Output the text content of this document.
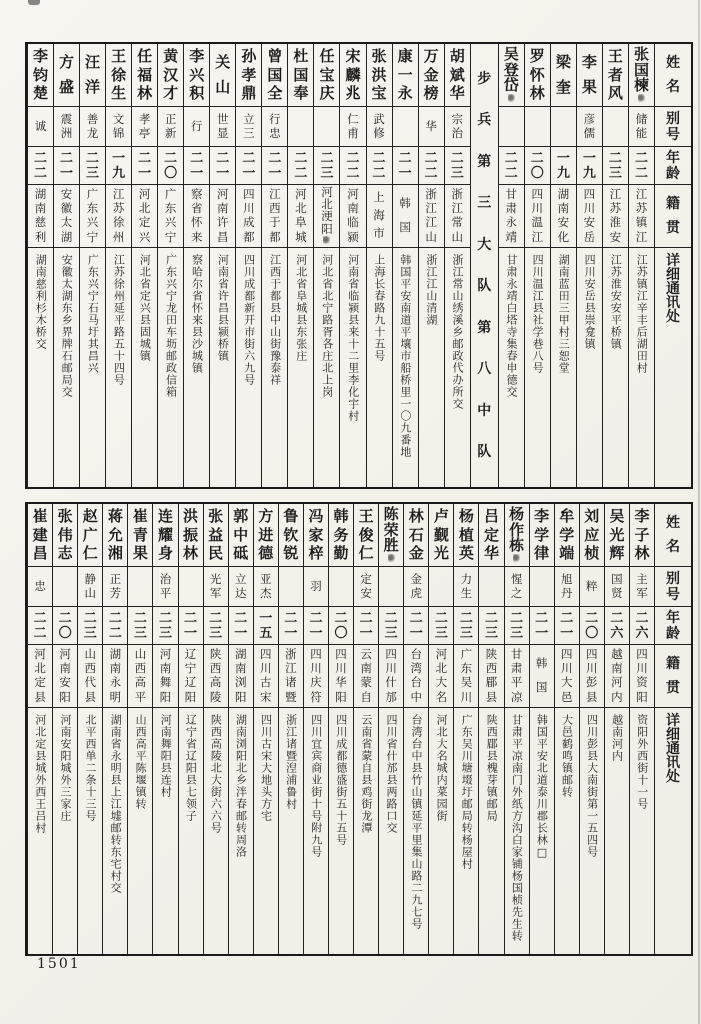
姓
名
别
号
年
龄
籍
贯
详
细
通
讯
处
张
国
楝
储
能
二
二
江
苏
镇
江
江苏镇江辛丰后湖田村
王
者
风
二
三
江
苏
淮
安
江苏淮安安平桥镇
李
果
彦
儒
一
九
四
川
安
岳
四川安岳县崇龛镇
梁
奎
一
九
湖
南
安
化
湖南蓝田三甲村三恕堂
罗
怀
林
二
〇
四
川
温
江
四川温江县社学巷八号
吴
登
岱
二
二
甘
肃
永
靖
甘肃永靖白塔寺集春申德交
步
兵
第
三
大
队
第
八
中
队
胡
斌
华
宗
治
二
三
浙
江
常
山
浙江常山绣溪乡邮政代办所交
万
金
榜
华
二
二
浙
江
江
山
浙江江山清湖
康
一
永
二
一
韩
国
韩国平安南道平壤市船桥里一〇九番地
张
洪
宝
武
修
二
二
上
海
市
上海长春路九十五号
宋
麟
兆
仁
甫
二
二
河
南
临
颍
河南省临颍县来十二里李化宇村
任
宝
庆
二
三
河
北
浭
阳
河北省北宁路胥各庄北上岗
杜
国
奉
二
二
河
北
阜
城
河北省阜城县东张庄
曾
国
全
行
忠
二
一
江
西
于
都
江西于都县中山街豫泰祥
孙
孝
鼎
立
三
二
一
四
川
成
都
四川成都新开市街六九号
关
山
世
显
二
一
河
南
许
昌
河南省许昌县颍桥镇
李
兴
积
行
二
一
察
省
怀
来
察哈尔省怀来县沙城镇
黄
汉
才
正
新
二
〇
广
东
兴
宁
广东兴宁龙田车坜邮政信箱
任
福
林
孝
亭
二
一
河
北
定
兴
河北省定兴县固城镇
王
徐
生
文
锦
一
九
江
苏
徐
州
江苏徐州延平路五十四号
汪
洋
善
龙
二
三
广
东
兴
宁
广东兴宁石马圩其昌兴
方
盛
震
洲
二
一
安
徽
太
湖
安徽太湖东乡界牌石邮局交
李
钧
楚
诚
二
二
湖
南
慈
利
湖南慈利杉木桥交
姓
名
别
号
年
龄
籍
贯
详
细
通
讯
处
李
子
林
主
军
二
六
四
川
资
阳
资阳外西街十一号
吴
光
辉
国
贤
二
六
越
南
河
内
越南河内
刘
应
桢
粹
二
〇
四
川
彭
县
四川彭县大南街第一五四号
牟
学
端
旭
丹
二
一
四
川
大
邑
大邑鹤鸣镇邮转
李
学
律
二
一
韩
国
韩国平安北道泰川郡长林□
杨
作
栋
惺
之
二
三
甘
肃
平
凉
甘肃平凉南门外纸方沟白家铺杨国桢先生转
吕
定
华
二
三
陕
西
郿
县
陕西郿县槐芽镇邮局
杨
植
英
力
生
二
三
广
东
吴
川
广东吴川塘㙍圩邮局转杨屋村
卢
觐
光
二
三
河
北
大
名
河北大名城内菜园街
林
石
金
金
虎
二
一
台
湾
台
中
台湾台中县竹山镇延平里集山路二九七号
陈
荣
胜
二
三
四
川
什
邡
四川省什邡县两路口交
王
俊
仁
定
安
二
一
云
南
蒙
自
云南省蒙自县鸡街龙潭
韩
务
勤
二
〇
四
川
华
阳
四川成都德盛街五十五号
冯
家
梓
羽
二
一
四
川
庆
符
四川宜宾商业街十号附九号
鲁
钦
锐
二
一
浙
江
诸
暨
浙江诸暨湼浦鲁村
方
进
德
亚
杰
一
五
四
川
古
宋
四川古宋大地头方宅
郭
中
砥
立
达
二
一
湖
南
浏
阳
湖南浏阳北乡泮春邮转周洛
张
益
民
光
军
二
三
陕
西
高
陵
陕西高陵北大街六六号
洪
振
林
二
一
辽
宁
辽
阳
辽宁省辽阳县七领子
连
耀
身
治
平
二
三
河
南
舞
阳
河南舞阳县连村
崔
青
果
二
三
山
西
高
平
山西高平陈堰镇转
蒋
允
湘
正
芳
二
二
湖
南
永
明
湖南省永明县上江墟邮转东宅村交
赵
广
仁
静
山
二
三
山
西
代
县
北平西单二条十三号
张
伟
志
二
〇
河
南
安
阳
河南安阳城外三家庄
崔
建
昌
忠
二
二
河
北
定
县
河北定县城外西王吕村
1501
